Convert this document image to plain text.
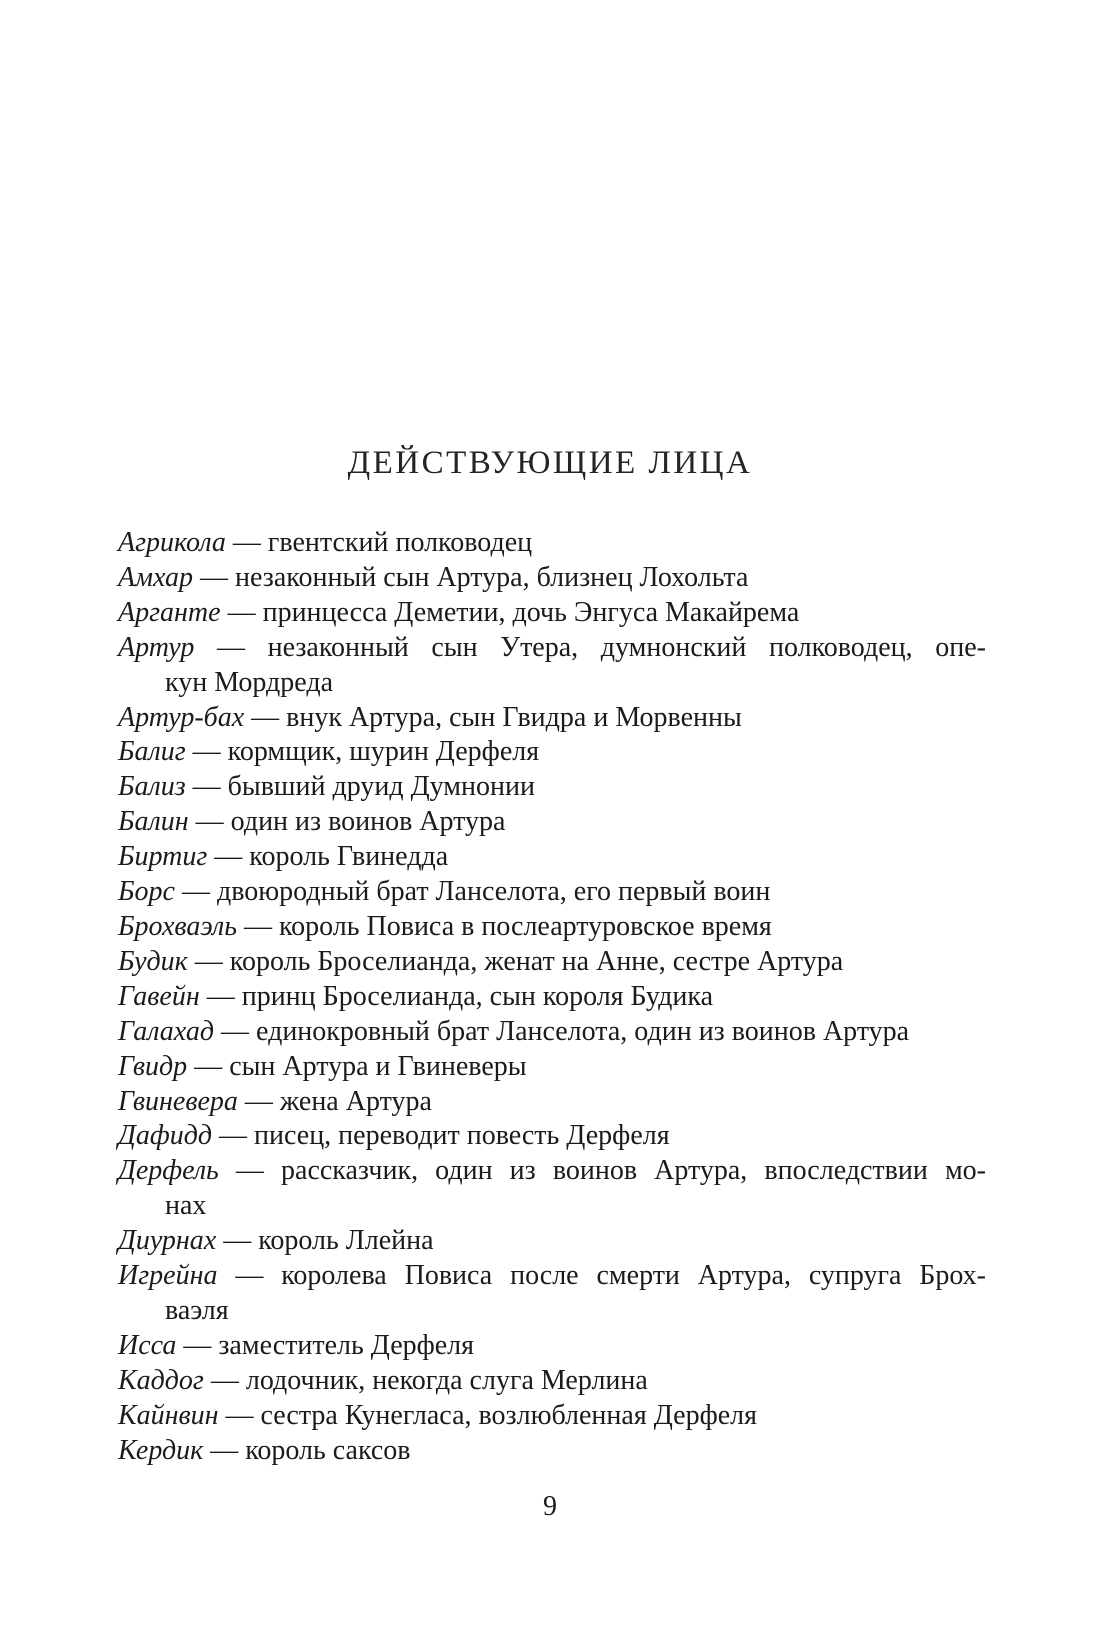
ДЕЙСТВУЮЩИЕ ЛИЦА

Агрикола — гвентский полководец

Амхар — незаконный сын Артура, близнец Лохольта

Арганте — принцесса Деметии, дочь Энгуса Макайрема

Артур — незаконный сын Утера, думнонский полководец, опе-
кун Мордреда

Артур-бах — внук Артура, сын Гвидра и Морвенны

Балиг — кормщик, шурин Дерфеля

Бализ — бывший друид Думнонии

Балин — один из воинов Артура

Биртиг — король Гвинедда

Борс — двоюродный брат Ланселота, его первый воин

Брохваэль — король Повиса в послеартуровское время

Будик — король Броселианда, женат на Анне, сестре Артура

Гавейн — принц Броселианда, сын короля Будика

Галахад — единокровный брат Ланселота, один из воинов Артура

Гвидр — сын Артура и Гвиневеры

Гвиневера — жена Артура

Дафидд — писец, переводит повесть Дерфеля

Дерфель — рассказчик, один из воинов Артура, впоследствии мо-
нах

Диурнах — король Ллейна

Игрейна — королева Повиса после смерти Артура, супруга Брох-
ваэля

Исса — заместитель Дерфеля

Каддог — лодочник, некогда слуга Мерлина

Кайнвин — сестра Кунегласа, возлюбленная Дерфеля

Кердик — король саксов

9
